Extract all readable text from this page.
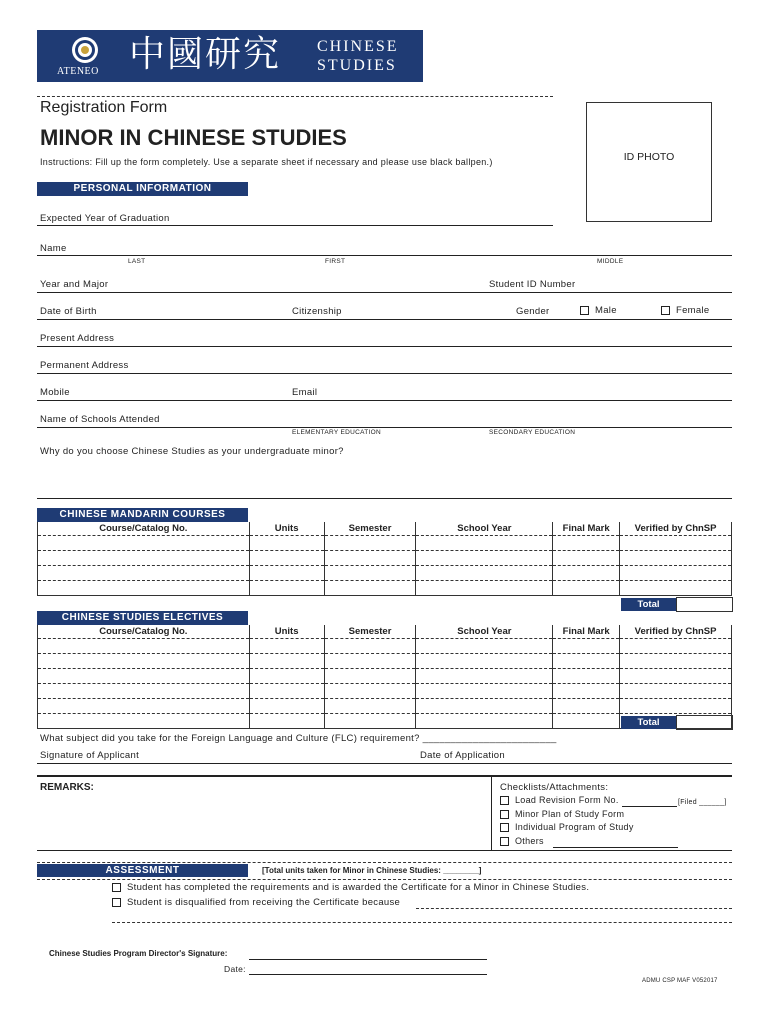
ATENEO 中國研究 CHINESE
STUDIES
Registration Form
MINOR IN CHINESE STUDIES
Instructions: Fill up the form completely. Use a separate sheet if necessary and please use black ballpen.)	ID PHOTO
PERSONAL INFORMATION
Expected Year of Graduation
Name
LAST	FIRST	MIDDLE
Year and Major	Student ID Number
Date of Birth	Citizenship	Gender	Male	Female
Present Address
Permanent Address
Mobile	Email
Name of Schools Attended
ELEMENTARY EDUCATION	SECONDARY EDUCATION
Why do you choose Chinese Studies as your undergraduate minor?
CHINESE MANDARIN COURSES
Course/Catalog No.	Units	Semester	School Year	Final Mark	Verified by ChnSP

Total
CHINESE STUDIES ELECTIVES
Course/Catalog No.	Units	Semester	School Year	Final Mark	Verified by ChnSP

Total
What subject did you take for the Foreign Language and Culture (FLC) requirement? ________________________
Signature of Applicant	Date of Application
REMARKS:	Checklists/Attachments:
[Filed ______]
Load Revision Form No.
Minor Plan of Study Form
Individual Program of Study
Others
ASSESSMENT	[Total units taken for Minor in Chinese Studies: ________]
Student has completed the requirements and is awarded the Certificate for a Minor in Chinese Studies.
Student is disqualified from receiving the Certificate because
Chinese Studies Program Director's Signature:
Date:
ADMU CSP MAF V052017
